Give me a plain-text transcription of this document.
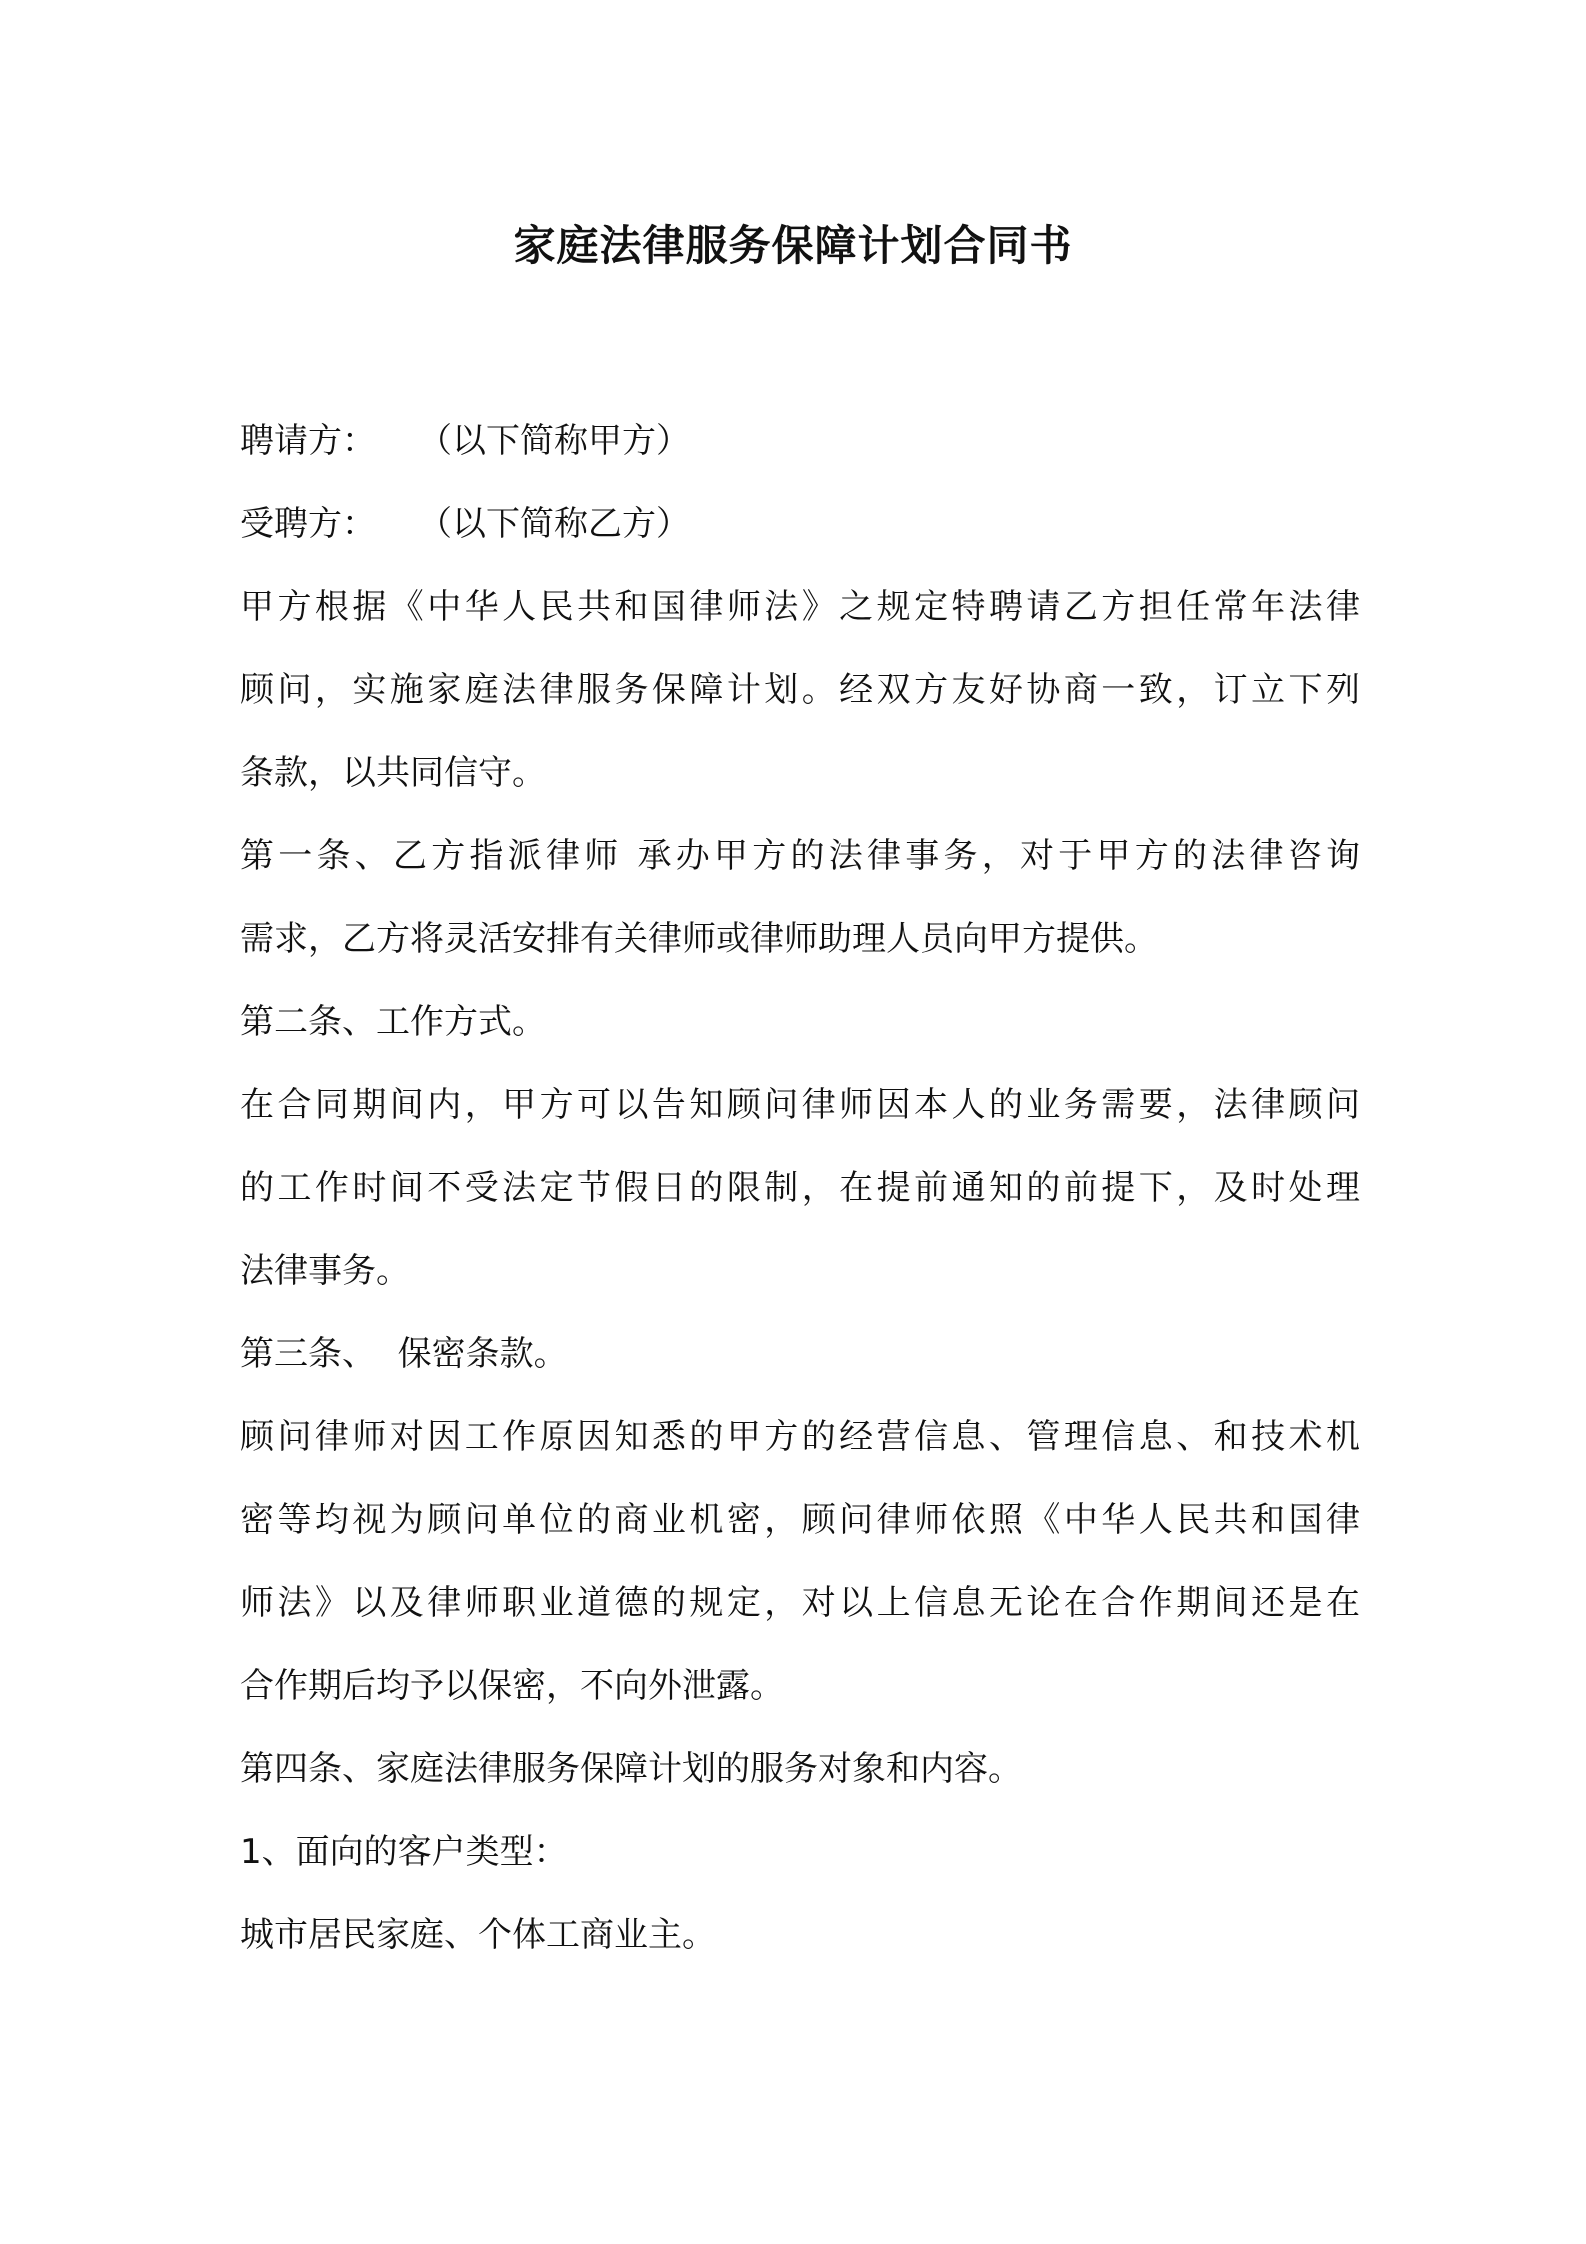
家庭法律服务保障计划合同书
聘请方： （以下简称甲方）
受聘方： （以下简称乙方）
甲方根据《中华人民共和国律师法》之规定特聘请乙方担任常年法律
顾问，实施家庭法律服务保障计划。经双方友好协商一致，订立下列
条款，以共同信守。
第一条、乙方指派律师 承办甲方的法律事务，对于甲方的法律咨询
需求，乙方将灵活安排有关律师或律师助理人员向甲方提供。
第二条、工作方式。
在合同期间内，甲方可以告知顾问律师因本人的业务需要，法律顾问
的工作时间不受法定节假日的限制，在提前通知的前提下，及时处理
法律事务。
第三条、  保密条款。
顾问律师对因工作原因知悉的甲方的经营信息、管理信息、和技术机
密等均视为顾问单位的商业机密，顾问律师依照《中华人民共和国律
师法》以及律师职业道德的规定，对以上信息无论在合作期间还是在
合作期后均予以保密，不向外泄露。
第四条、家庭法律服务保障计划的服务对象和内容。
1、面向的客户类型：
城市居民家庭、个体工商业主。
